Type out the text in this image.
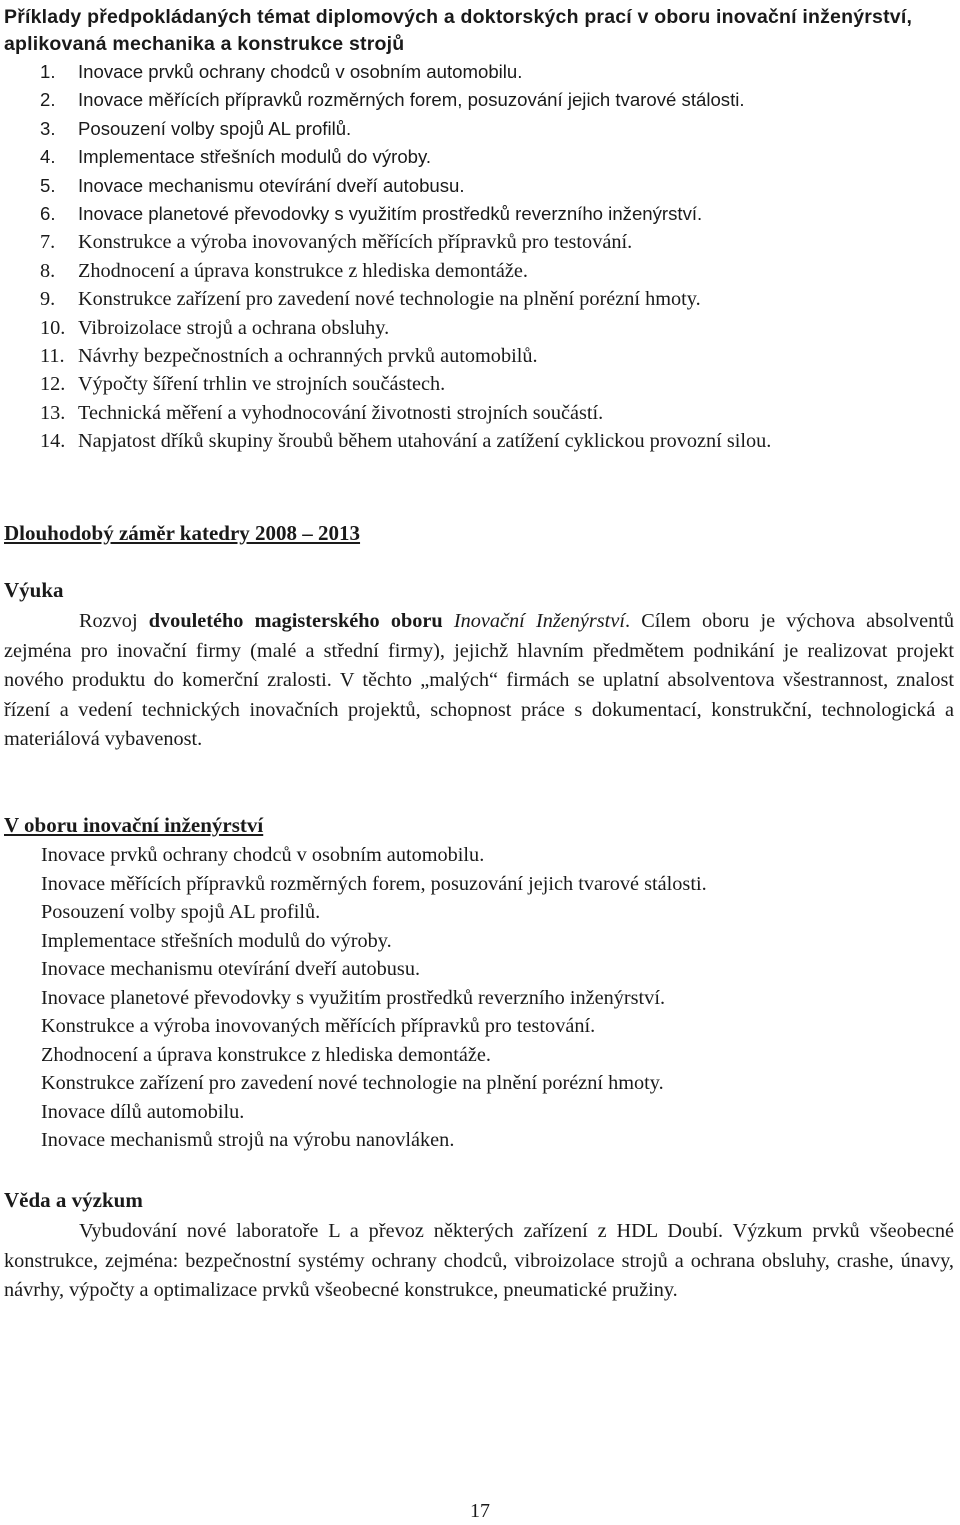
Příklady předpokládaných témat diplomových a doktorských prací v oboru inovační inženýrství, aplikovaná mechanika a konstrukce strojů
1. Inovace prvků ochrany chodců v osobním automobilu.
2. Inovace měřících přípravků rozměrných forem, posuzování jejich tvarové stálosti.
3. Posouzení volby spojů AL profilů.
4. Implementace střešních modulů do výroby.
5. Inovace mechanismu otevírání dveří autobusu.
6. Inovace planetové převodovky s využitím prostředků reverzního inženýrství.
7. Konstrukce a výroba inovovaných měřících přípravků pro testování.
8. Zhodnocení a úprava konstrukce z hlediska demontáže.
9. Konstrukce zařízení pro zavedení nové technologie na plnění porézní hmoty.
10. Vibroizolace strojů a ochrana obsluhy.
11. Návrhy bezpečnostních a ochranných prvků automobilů.
12. Výpočty šíření trhlin ve strojních součástech.
13. Technická měření a vyhodnocování životnosti strojních součástí.
14. Napjatost dříků skupiny šroubů během utahování a zatížení cyklickou provozní silou.
Dlouhodobý záměr katedry 2008 – 2013
Výuka
Rozvoj dvouletého magisterského oboru Inovační Inženýrství. Cílem oboru je výchova absolventů zejména pro inovační firmy (malé a střední firmy), jejichž hlavním předmětem podnikání je realizovat projekt nového produktu do komerční zralosti. V těchto „malých“ firmách se uplatní absolventova všestrannost, znalost řízení a vedení technických inovačních projektů, schopnost práce s dokumentací, konstrukční, technologická a materiálová vybavenost.
V oboru inovační inženýrství
Inovace prvků ochrany chodců v osobním automobilu.
Inovace měřících přípravků rozměrných forem, posuzování jejich tvarové stálosti.
Posouzení volby spojů AL profilů.
Implementace střešních modulů do výroby.
Inovace mechanismu otevírání dveří autobusu.
Inovace planetové převodovky s využitím prostředků reverzního inženýrství.
Konstrukce a výroba inovovaných měřících přípravků pro testování.
Zhodnocení a úprava konstrukce z hlediska demontáže.
Konstrukce zařízení pro zavedení nové technologie na plnění porézní hmoty.
Inovace dílů automobilu.
Inovace mechanismů strojů na výrobu nanovláken.
Věda a výzkum
Vybudování nové laboratoře L a převoz některých zařízení z HDL Doubí. Výzkum prvků všeobecné konstrukce, zejména: bezpečnostní systémy ochrany chodců, vibroizolace strojů a ochrana obsluhy, crashe, únavy, návrhy, výpočty a optimalizace prvků všeobecné konstrukce, pneumatické pružiny.
17
